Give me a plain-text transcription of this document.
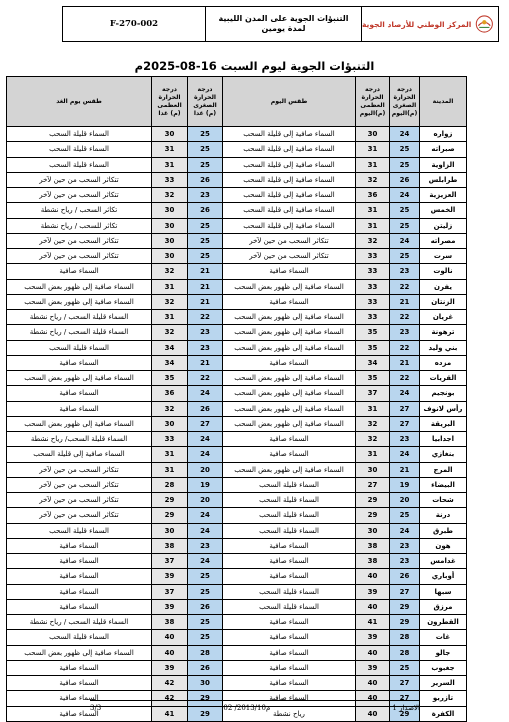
المركز الوطني للأرصاد الجوية
التنبؤات الجوية على المدن الليبية
لمدة يومين
F-270-002
التنبؤات الجوية ليوم السبت 16-08-2025م
المدينة	درجة الحرارة الصغرى (م)اليوم	درجة الحرارة العظمى (م)اليوم	طقس اليوم	درجة الحرارة الصغرى (م) غدا	درجة الحرارة العظمى (م) غدا	طقس يوم الغد
زواره	24	30	السماء صافية إلى قليلة السحب	25	30	السماء قليلة السحب
صبراته	25	31	السماء صافية إلى قليلة السحب	25	31	السماء قليلة السحب
الزاوية	25	31	السماء صافية إلى قليلة السحب	25	31	السماء قليلة السحب
طرابلس	26	32	السماء صافية إلى قليلة السحب	26	33	تتكاثر السحب من حين لآخر
العزيزية	24	36	السماء صافية إلى قليلة السحب	23	32	تتكاثر السحب من حين لآخر
الخمس	25	31	السماء صافية إلى قليلة السحب	26	30	تكاثر السحب / رياح نشطة
زليتن	25	31	السماء صافية إلى قليلة السحب	25	30	تكاثر للسحب / رياح نشطة
مصراته	24	32	تتكاثر السحب من حين لآخر	25	30	تتكاثر السحب من حين لآخر
سرت	25	33	تتكاثر السحب من حين لآخر	25	30	تتكاثر السحب من حين لآخر
نالوت	23	33	السماء صافية	21	32	السماء صافية
يفرن	22	33	السماء صافية إلى ظهور بعض السحب	21	31	السماء صافية إلى ظهور بعض السحب
الزنتان	21	33	السماء صافية	21	32	السماء صافية إلى ظهور بعض السحب
غريان	22	33	السماء صافية إلى ظهور بعض السحب	22	31	السماء قليلة السحب / رياح نشطة
ترهونة	23	35	السماء صافية إلى ظهور بعض السحب	23	32	السماء قليلة السحب / رياح نشطة
بني وليد	22	35	السماء صافية إلى ظهور بعض السحب	23	34	السماء قليلة السحب
مزده	21	34	السماء صافية	21	34	السماء صافية
القريات	22	35	السماء صافية إلى ظهور بعض السحب	22	35	السماء صافية إلى ظهور بعض السحب
بونجيم	24	37	السماء صافية إلى ظهور بعض السحب	24	36	السماء صافية
رأس لانوف	27	31	السماء صافية إلى ظهور بعض السحب	26	32	السماء صافية
البريقة	27	32	السماء صافية إلى ظهور بعض السحب	27	30	السماء صافية إلى ظهور بعض السحب
اجدابيا	23	32	السماء صافية	24	33	السماء قليلة السحب/ رياح نشطة
بنغازي	24	31	السماء صافية	24	31	السماء صافية إلى قليلة السحب
المرج	21	30	السماء صافية إلى ظهور بعض السحب	20	31	تتكاثر السحب من حين لآخر
البيضاء	19	27	السماء قليلة السحب	19	28	تتكاثر السحب من حين لآخر
شحات	20	29	السماء قليلة السحب	20	29	تتكاثر السحب من حين لآخر
درنة	25	29	السماء قليلة السحب	24	29	تتكاثر السحب من حين لآخر
طبرق	24	30	السماء قليلة السحب	24	30	السماء قليلة السحب
هون	23	38	السماء صافية	23	38	السماء صافية
غدامس	23	38	السماء صافية	24	37	السماء صافية
أوباري	26	40	السماء صافية	25	39	السماء صافية
سبها	27	39	السماء قليلة السحب	25	37	السماء صافية
مرزق	29	40	السماء قليلة السحب	26	39	السماء صافية
القطرون	29	41	السماء صافية	25	38	السماء قليلة السحب / رياح نشطة
غات	28	39	السماء صافية	25	40	السماء قليلة السحب
جالو	28	40	السماء صافية	28	40	السماء صافية إلى ظهور بعض السحب
جغبوب	25	39	السماء صافية	26	39	السماء صافية
السرير	27	40	السماء صافية	30	42	السماء صافية
تازربو	27	40	السماء صافية	29	42	السماء صافية
الكفرة	29	40	رياح نشطة	29	41	السماء صافية
3/3	02 /2013/10م	الاصدار 1
